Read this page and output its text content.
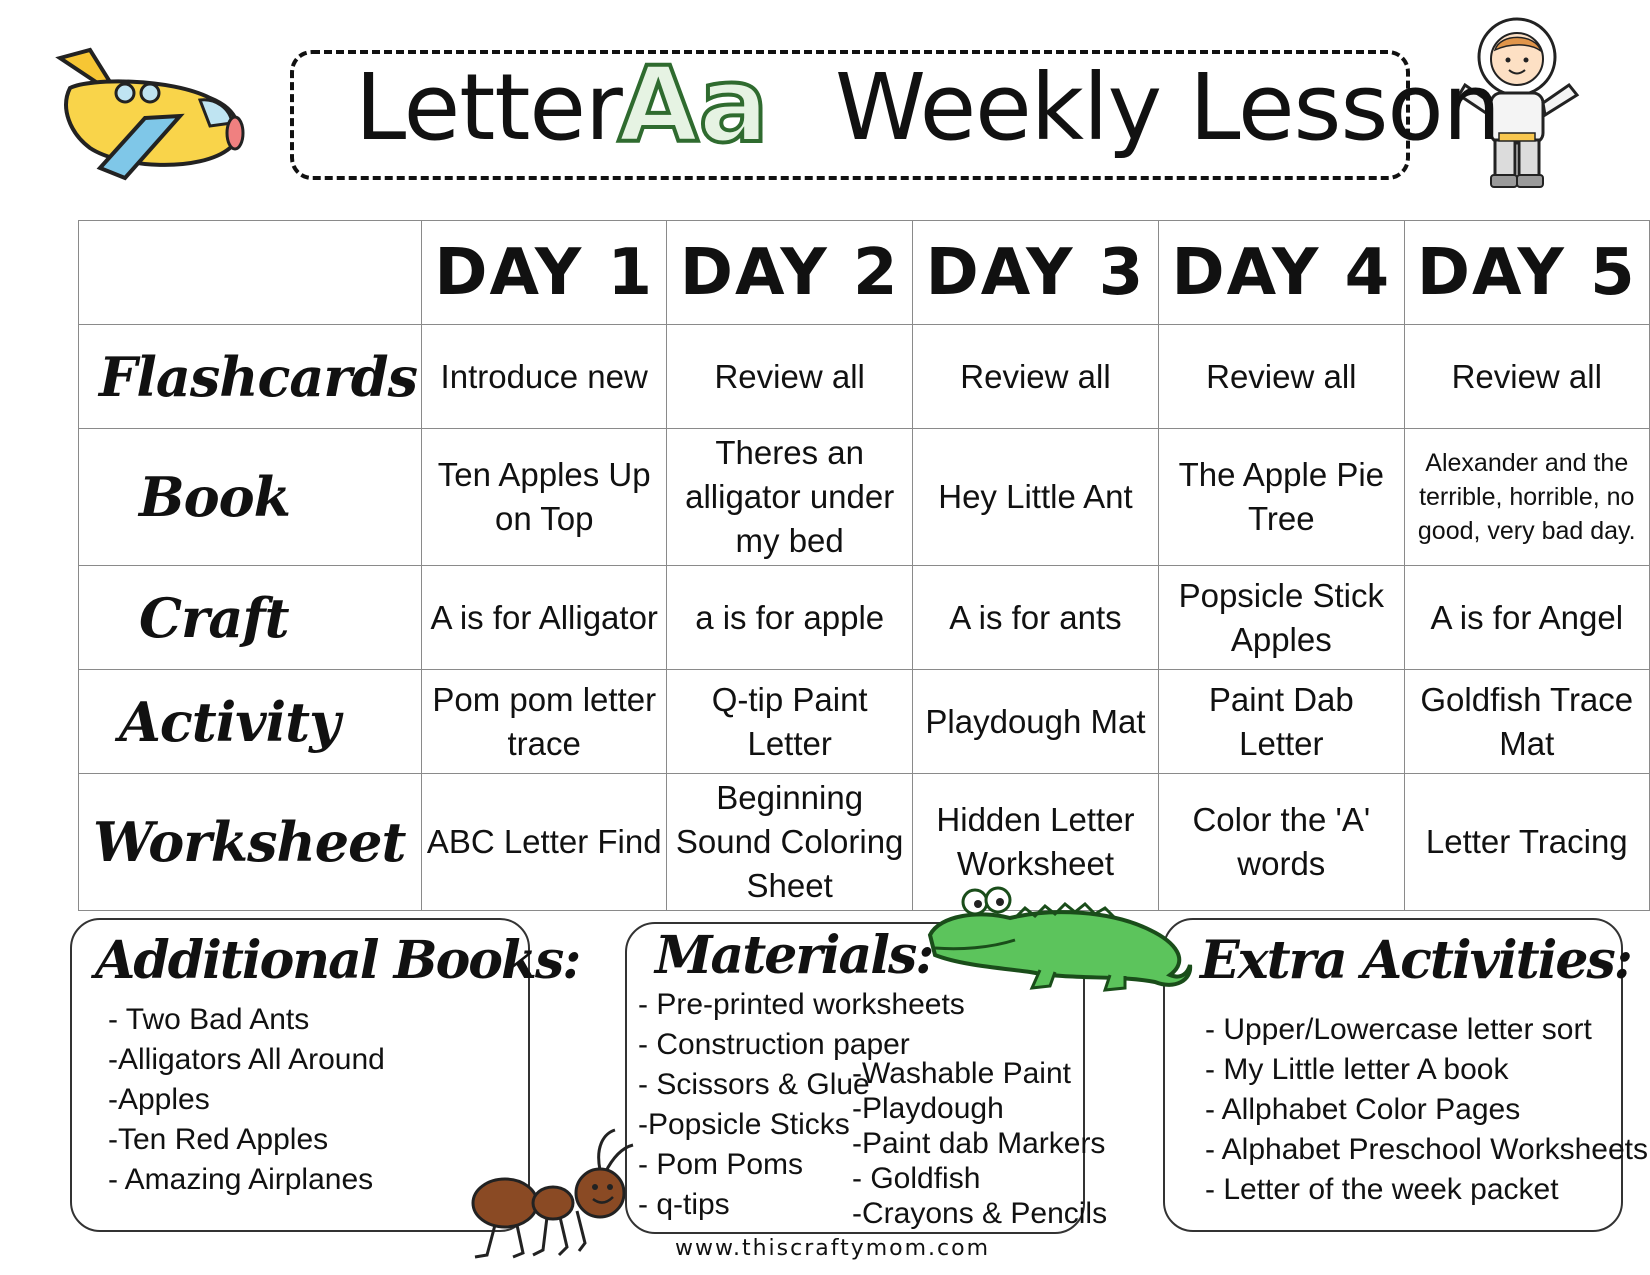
Letter
Aa Weekly Lesson
	DAY 1	DAY 2	DAY 3	DAY 4	DAY 5
Flashcards	Introduce new	Review all	Review all	Review all	Review all
Book	Ten Apples Up on Top	Theres an alligator under my bed	Hey Little Ant	The Apple Pie Tree	Alexander and the terrible, horrible, no good, very bad day.
Craft	A is for Alligator	a is for apple	A is for ants	Popsicle Stick Apples	A is for Angel
Activity	Pom pom letter trace	Q-tip Paint Letter	Playdough Mat	Paint Dab Letter	Goldfish Trace Mat
Worksheet	ABC Letter Find	Beginning Sound Coloring Sheet	Hidden Letter Worksheet	Color the 'A' words	Letter Tracing
Additional Books:
- Two Bad Ants
-Alligators All Around
-Apples
-Ten Red Apples
- Amazing Airplanes
Materials:
- Pre-printed worksheets
- Construction paper
- Scissors & Glue
-Popsicle Sticks
- Pom Poms
- q-tips
-Washable Paint
-Playdough
-Paint dab Markers
- Goldfish
-Crayons & Pencils
Extra Activities:
- Upper/Lowercase letter sort
- My Little letter A book
- Allphabet Color Pages
- Alphabet Preschool Worksheets
- Letter of the week packet
www.thiscraftymom.com
